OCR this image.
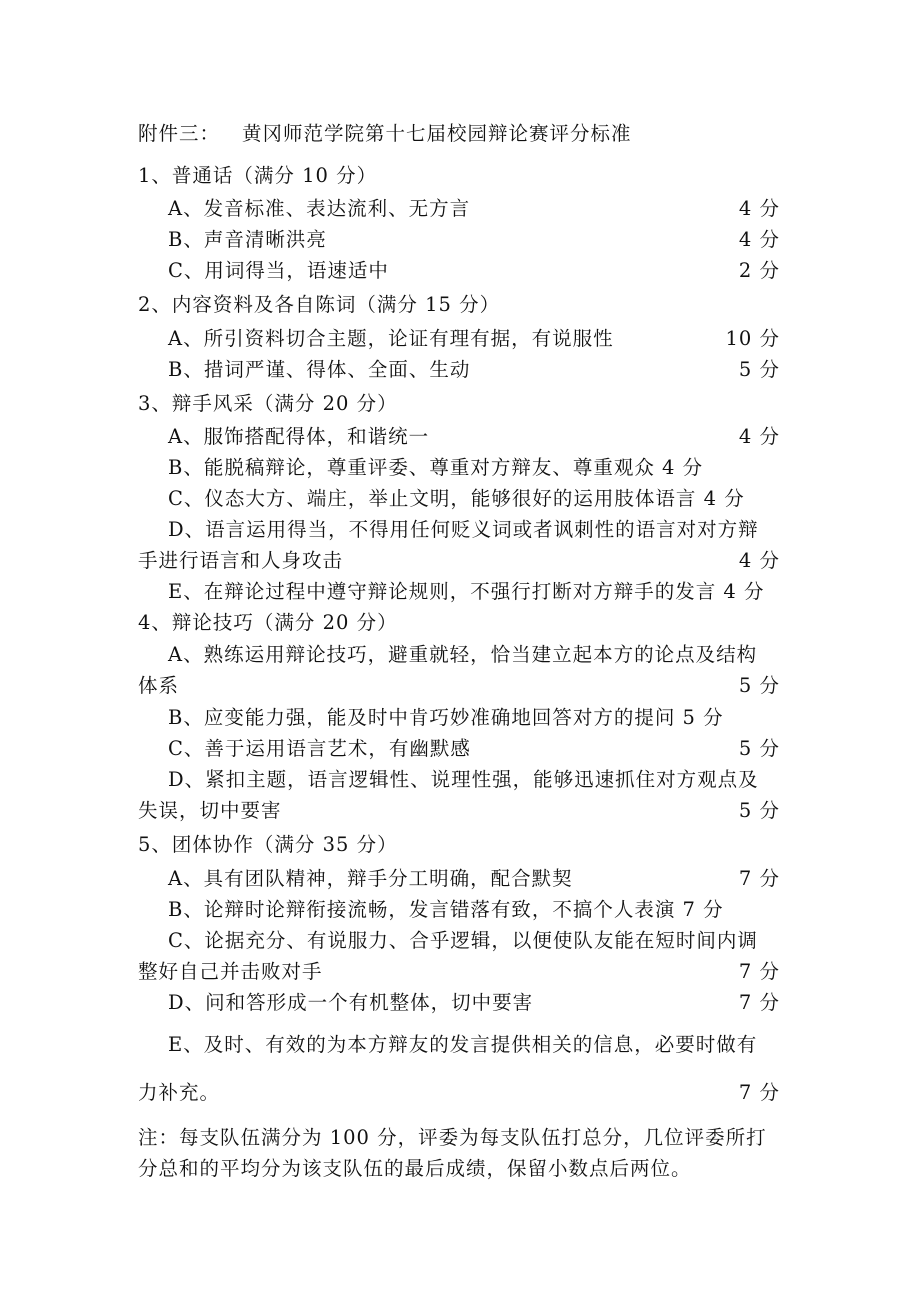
附件三： 黄冈师范学院第十七届校园辩论赛评分标准
1、普通话（满分 10 分）
A、发音标准、表达流利、无方言	4 分
B、声音清晰洪亮	4 分
C、用词得当，语速适中	2 分
2、内容资料及各自陈词（满分 15 分）
A、所引资料切合主题，论证有理有据，有说服性	10 分
B、措词严谨、得体、全面、生动	5 分
3、辩手风采（满分 20 分）
A、服饰搭配得体，和谐统一	4 分
B、能脱稿辩论，尊重评委、尊重对方辩友、尊重观众 4 分
C、仪态大方、端庄，举止文明，能够很好的运用肢体语言 4 分
D、语言运用得当，不得用任何贬义词或者讽刺性的语言对对方辩
手进行语言和人身攻击	4 分
E、在辩论过程中遵守辩论规则，不强行打断对方辩手的发言 4 分
4、辩论技巧（满分 20 分）
A、熟练运用辩论技巧，避重就轻，恰当建立起本方的论点及结构
体系	5 分
B、应变能力强，能及时中肯巧妙准确地回答对方的提问 5 分
C、善于运用语言艺术，有幽默感	5 分
D、紧扣主题，语言逻辑性、说理性强，能够迅速抓住对方观点及
失误，切中要害	5 分
5、团体协作（满分 35 分）
A、具有团队精神，辩手分工明确，配合默契	7 分
B、论辩时论辩衔接流畅，发言错落有致，不搞个人表演 7 分
C、论据充分、有说服力、合乎逻辑，以便使队友能在短时间内调
整好自己并击败对手	7 分
D、问和答形成一个有机整体，切中要害	7 分
E、及时、有效的为本方辩友的发言提供相关的信息，必要时做有
力补充。	7 分
注：每支队伍满分为 100 分，评委为每支队伍打总分，几位评委所打分总和的平均分为该支队伍的最后成绩，保留小数点后两位。
